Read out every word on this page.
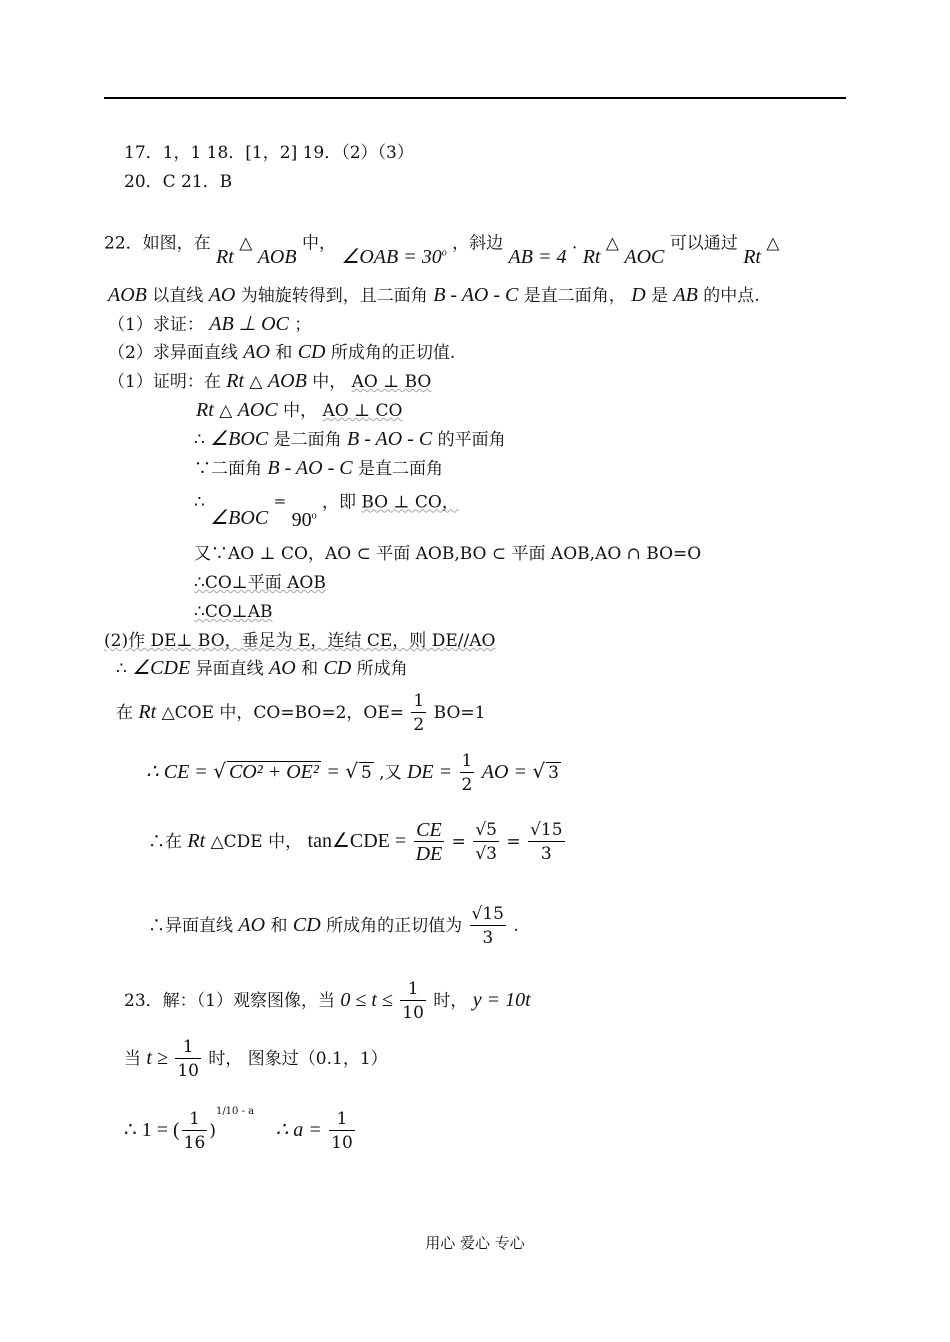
17．1，1 18．[1，2] 19．（2）（3）
20．C 21．B
22．如图，在 Rt △ AOB 中， ∠OAB = $30^o$ ，斜边 AB = 4 . Rt △ AOC 可以通过 Rt △
AOB 以直线 AO 为轴旋转得到，且二面角 B - AO - C 是直二面角， D 是 AB 的中点.
（1）求证： AB ⊥ OC ；
（2）求异面直线 AO 和 CD 所成角的正切值.
（1）证明：在 Rt △ AOB 中， AO ⊥ BO
Rt △ AOC 中， AO ⊥ CO
∴ ∠BOC 是二面角 B - AO - C 的平面角
∵二面角 B - AO - C 是直二面角
∴ ∠BOC = $90^o$ ，即 BO ⊥ CO，
又∵AO ⊥ CO，AO ⊂ 平面 AOB,BO ⊂ 平面 AOB,AO ∩ BO=O
∴CO⊥平面 AOB
∴CO⊥AB
(2)作 DE⊥ BO，垂足为 E，连结 CE，则 DE//AO
∴ ∠CDE 异面直线 AO 和 CD 所成角
在 Rt △COE 中，CO=BO=2，$OE= \frac{1}{2} BO=1$
∴ CE = √ CO² + OE² = √ 5 ,又 DE = $\frac{1}{2}$ AO = √ 3
∴在 Rt △CDE 中， tan∠CDE = $\frac{CE}{DE} = \frac{√5}{√3} = \frac{√15}{3}$
∴异面直线 AO 和 CD 所成角的正切值为 $\frac{√15}{3}$ .
23．解：（1）观察图像，当 $0 \le t \le \frac{1}{10}$ 时， y = 10t
当 $t \ge \frac{1}{10}$ 时， 图象过（0.1，1）
∴ 1 = ( $\frac{1}{16} )^{1/10 - a}$ ∴ $a = \frac{1}{10}$
用心 爱心 专心
